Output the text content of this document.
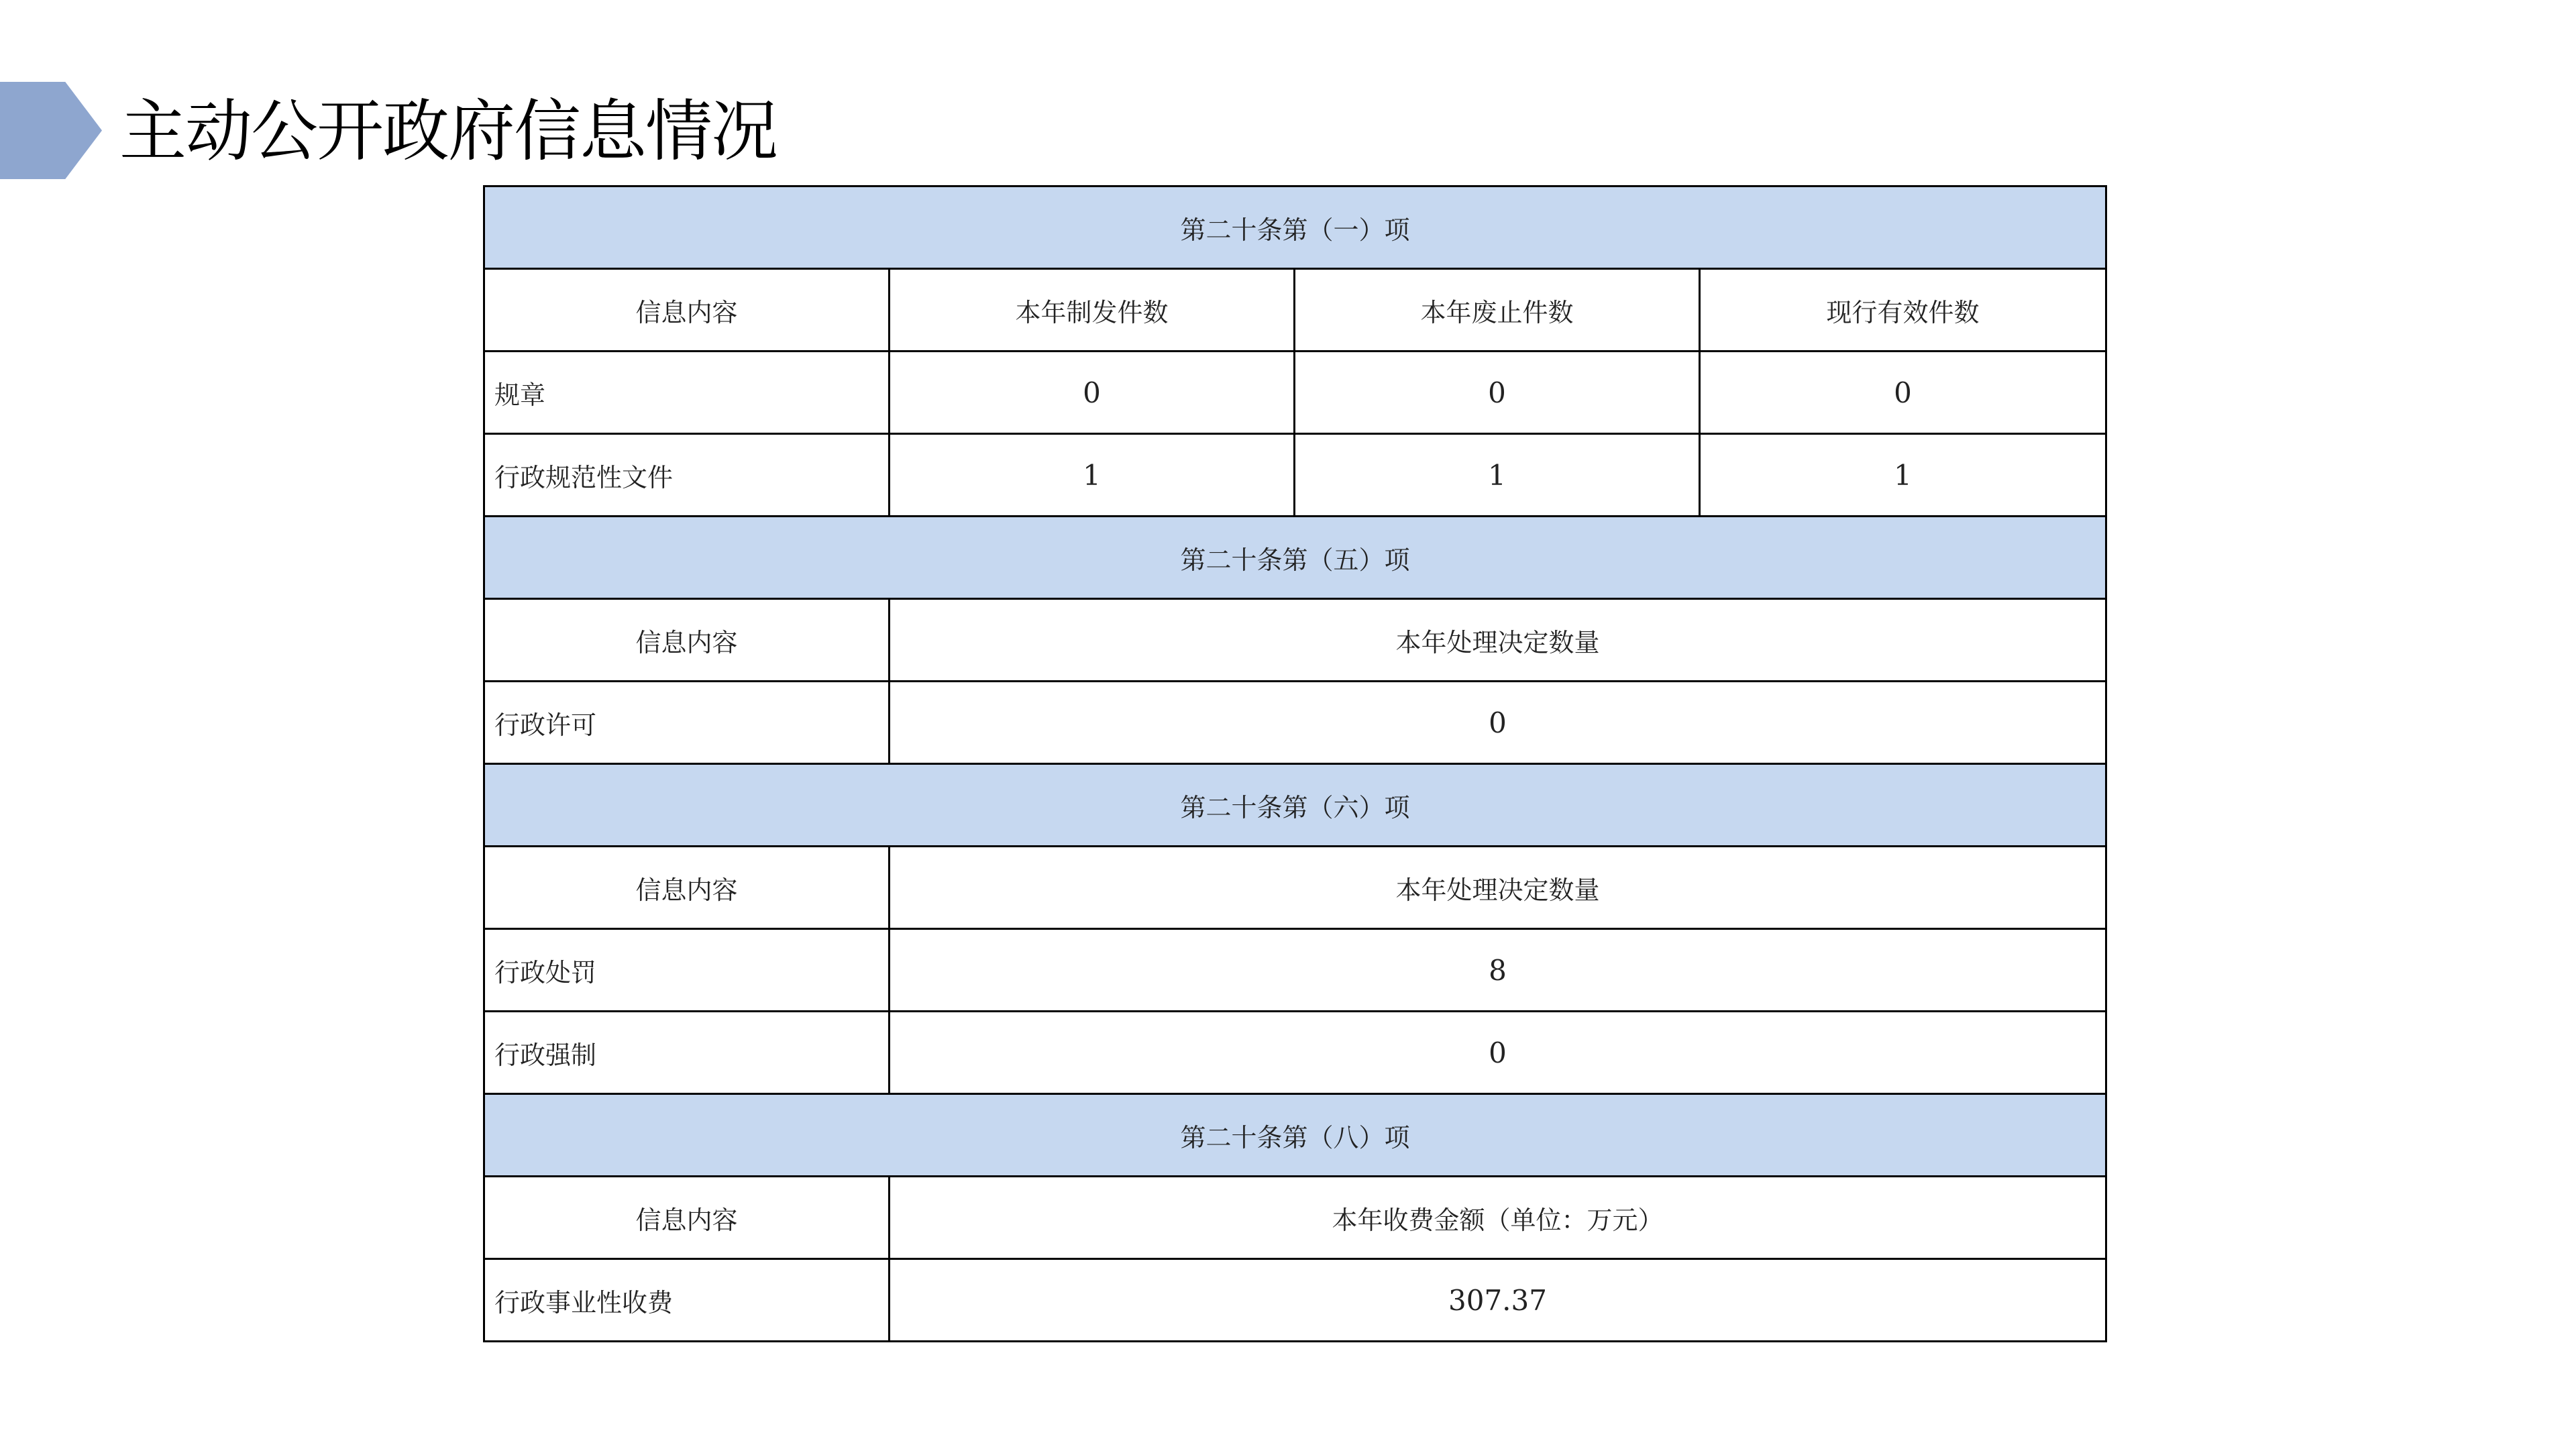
主动公开政府信息情况
第二十条第（一）项			
信息内容	本年制发件数	本年废止件数	现行有效件数
规章	0	0	0
行政规范性文件	1	1	1
第二十条第（五）项			
信息内容	本年处理决定数量		
行政许可	0		
第二十条第（六）项			
信息内容	本年处理决定数量		
行政处罚	8		
行政强制	0		
第二十条第（八）项			
信息内容	本年收费金额（单位：万元）		
行政事业性收费	307.37		
